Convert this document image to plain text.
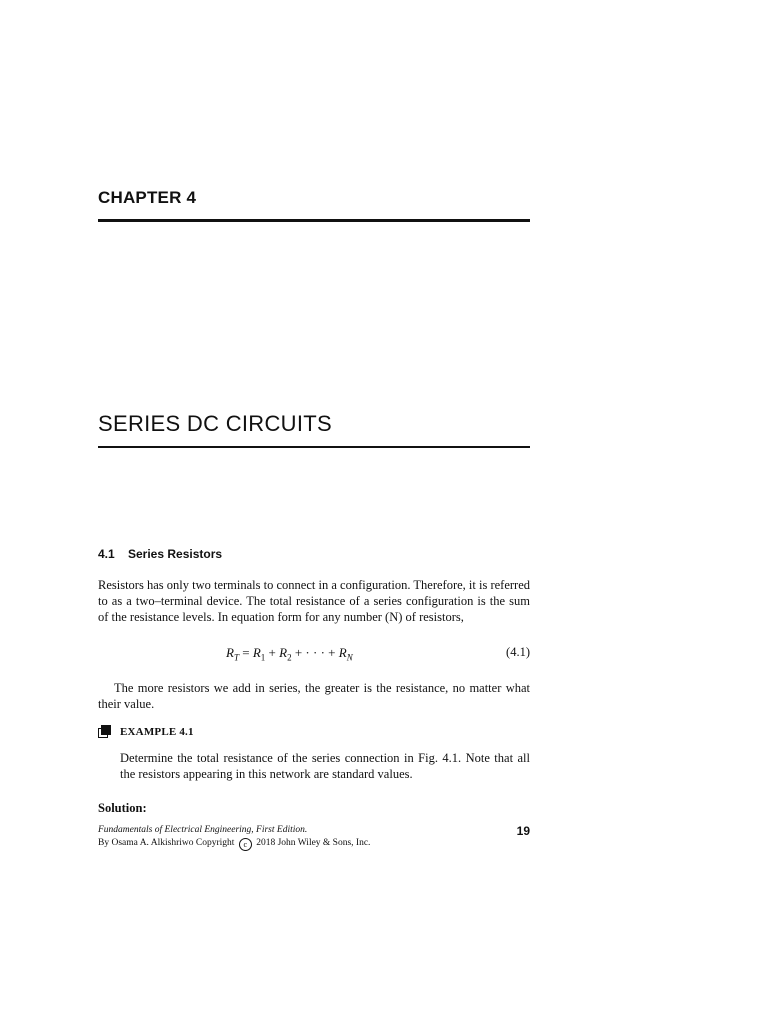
CHAPTER 4
SERIES DC CIRCUITS
4.1 Series Resistors
Resistors has only two terminals to connect in a configuration. Therefore, it is referred to as a two–terminal device. The total resistance of a series configuration is the sum of the resistance levels. In equation form for any number (N) of resistors,
$R_T = R_1 + R_2$ + · · · + $R_N$	(4.1)
The more resistors we add in series, the greater is the resistance, no matter what their value.
EXAMPLE 4.1
Determine the total resistance of the series connection in Fig. 4.1. Note that all the resistors appearing in this network are standard values.
Solution:
Fundamentals of Electrical Engineering, First Edition.
By Osama A. Alkishriwo Copyright c 2018 John Wiley & Sons, Inc.
19
